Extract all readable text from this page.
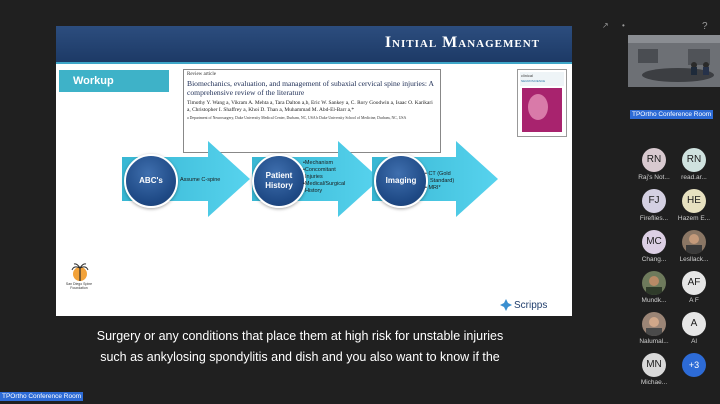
Initial Management
Workup
Review article
Biomechanics, evaluation, and management of subaxial cervical spine injuries: A comprehensive review of the literature
Timothy Y. Wang a, Vikram A. Mehta a, Tara Dalton a,b, Eric W. Sankey a, C. Rory Goodwin a, Isaac O. Karikari a, Christopher I. Shaffrey a, Khoi D. Than a, Muhammad M. Abd-El-Barr a,*
a Department of Neurosurgery, Duke University Medical Center, Durham, NC, USA b Duke University School of Medicine, Durham, NC, USA
clinical
NEUROSCIENCE
ABC's	Assume C-spine	Patient History
•Mechanism
•Concomitant
Injuries
•Medical/Surgical
History
Imaging
• CT (Gold
Standard)
• MRI*
San Diego Spine Foundation
Scripps
Surgery or any conditions that place them at high risk for unstable injuries
such as ankylosing spondylitis and dish and you also want to know if the
TPOrtho Conference Room
↗ •	?
TPOrtho Conference Room
RN
Raj's Not...
RN
read.ar...
FJ
Fireflies...
HE
Hazem E...
MC
Chang...	Lesllack...
Mundk...
AF
A F
Nalumal...
A
Al
MN
Michae...
+3
